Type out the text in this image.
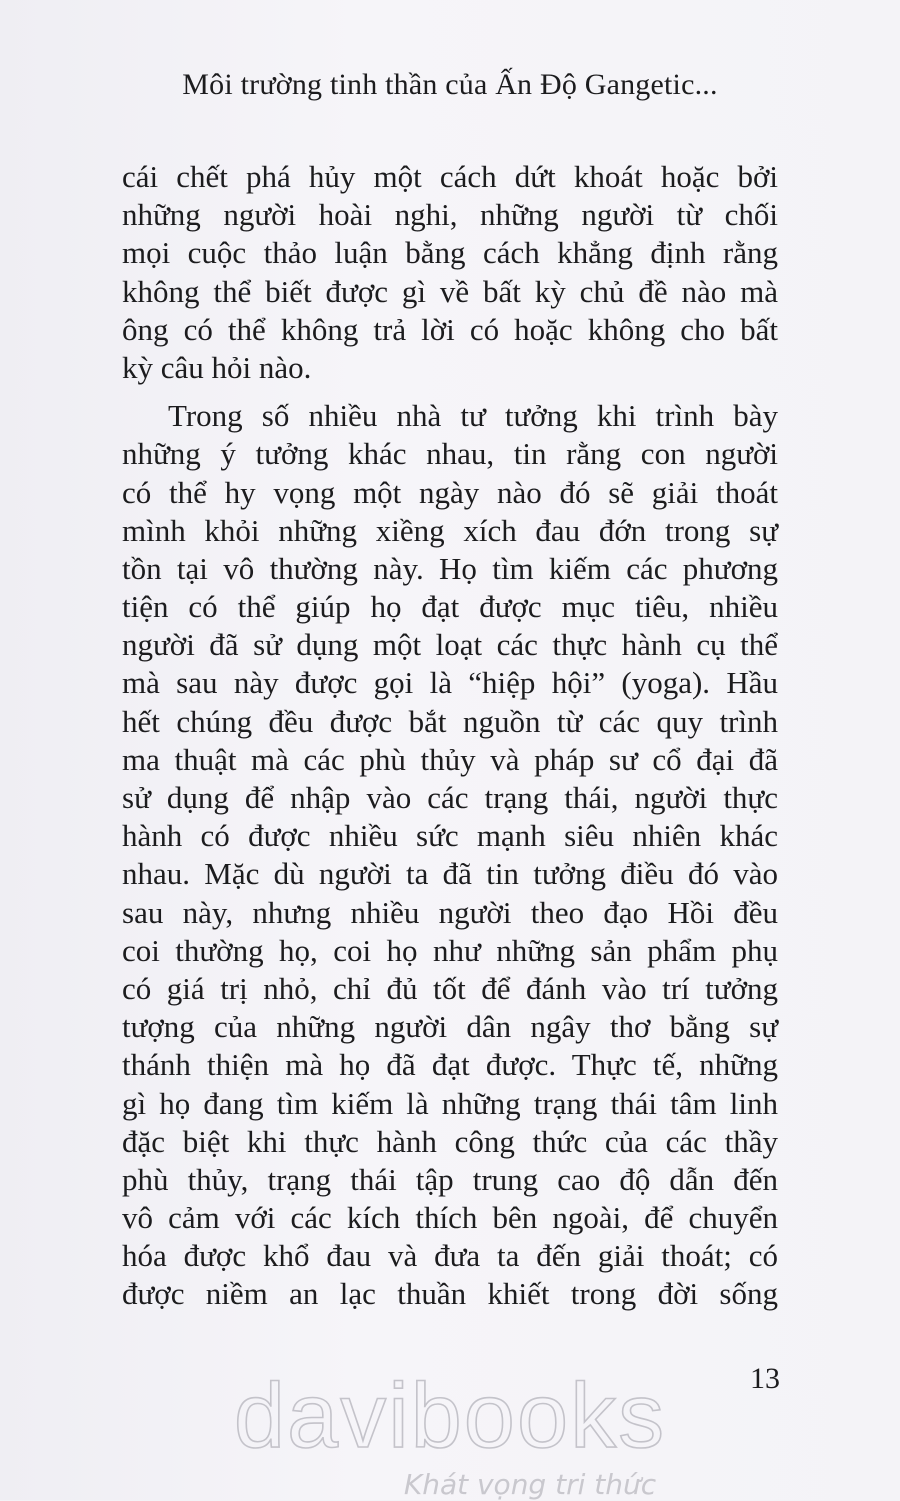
Môi trường tinh thần của Ấn Độ Gangetic...
cái chết phá hủy một cách dứt khoát hoặc bởi
những người hoài nghi, những người từ chối
mọi cuộc thảo luận bằng cách khẳng định rằng
không thể biết được gì về bất kỳ chủ đề nào mà
ông có thể không trả lời có hoặc không cho bất
kỳ câu hỏi nào.
Trong số nhiều nhà tư tưởng khi trình bày
những ý tưởng khác nhau, tin rằng con người
có thể hy vọng một ngày nào đó sẽ giải thoát
mình khỏi những xiềng xích đau đớn trong sự
tồn tại vô thường này. Họ tìm kiếm các phương
tiện có thể giúp họ đạt được mục tiêu, nhiều
người đã sử dụng một loạt các thực hành cụ thể
mà sau này được gọi là “hiệp hội” (yoga). Hầu
hết chúng đều được bắt nguồn từ các quy trình
ma thuật mà các phù thủy và pháp sư cổ đại đã
sử dụng để nhập vào các trạng thái, người thực
hành có được nhiều sức mạnh siêu nhiên khác
nhau. Mặc dù người ta đã tin tưởng điều đó vào
sau này, nhưng nhiều người theo đạo Hồi đều
coi thường họ, coi họ như những sản phẩm phụ
có giá trị nhỏ, chỉ đủ tốt để đánh vào trí tưởng
tượng của những người dân ngây thơ bằng sự
thánh thiện mà họ đã đạt được. Thực tế, những
gì họ đang tìm kiếm là những trạng thái tâm linh
đặc biệt khi thực hành công thức của các thầy
phù thủy, trạng thái tập trung cao độ dẫn đến
vô cảm với các kích thích bên ngoài, để chuyển
hóa được khổ đau và đưa ta đến giải thoát; có
được niềm an lạc thuần khiết trong đời sống
13
davibooks
Khát vọng tri thức
